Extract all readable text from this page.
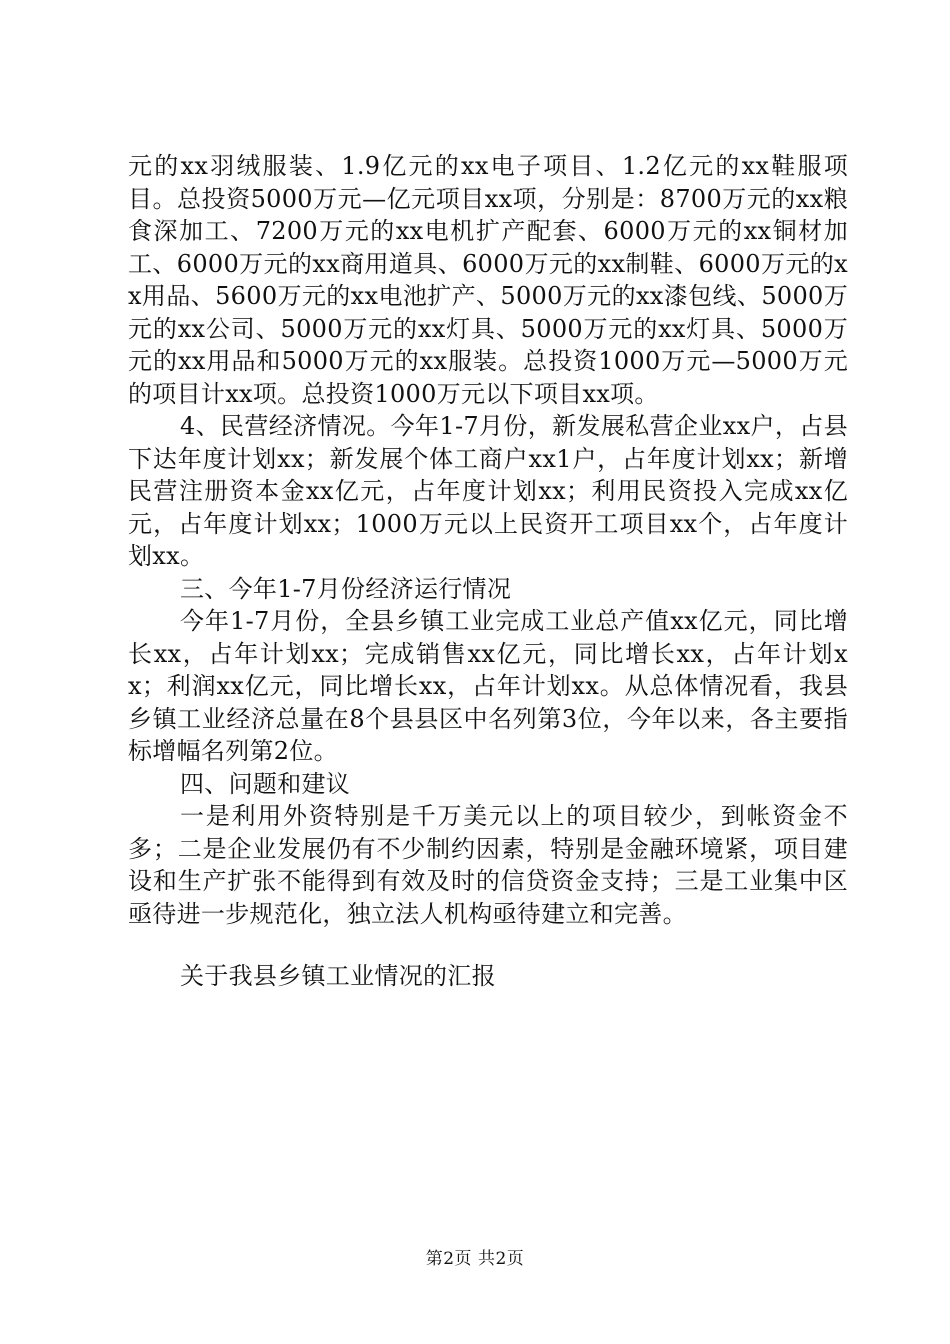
元的xx羽绒服装、1.9亿元的xx电子项目、1.2亿元的xx鞋服项目。总投资5000万元—亿元项目xx项，分别是：8700万元的xx粮食深加工、7200万元的xx电机扩产配套、6000万元的xx铜材加工、6000万元的xx商用道具、6000万元的xx制鞋、6000万元的xx用品、5600万元的xx电池扩产、5000万元的xx漆包线、5000万元的xx公司、5000万元的xx灯具、5000万元的xx灯具、5000万元的xx用品和5000万元的xx服装。总投资1000万元—5000万元的项目计xx项。总投资1000万元以下项目xx项。

4、民营经济情况。今年1-7月份，新发展私营企业xx户，占县下达年度计划xx；新发展个体工商户xx1户，占年度计划xx；新增民营注册资本金xx亿元，占年度计划xx；利用民资投入完成xx亿元，占年度计划xx；1000万元以上民资开工项目xx个，占年度计划xx。

三、今年1-7月份经济运行情况

今年1-7月份，全县乡镇工业完成工业总产值xx亿元，同比增长xx，占年计划xx；完成销售xx亿元，同比增长xx，占年计划xx；利润xx亿元，同比增长xx，占年计划xx。从总体情况看，我县乡镇工业经济总量在8个县县区中名列第3位，今年以来，各主要指标增幅名列第2位。

四、问题和建议

一是利用外资特别是千万美元以上的项目较少，到帐资金不多；二是企业发展仍有不少制约因素，特别是金融环境紧，项目建设和生产扩张不能得到有效及时的信贷资金支持；三是工业集中区亟待进一步规范化，独立法人机构亟待建立和完善。

关于我县乡镇工业情况的汇报

第2页 共2页
